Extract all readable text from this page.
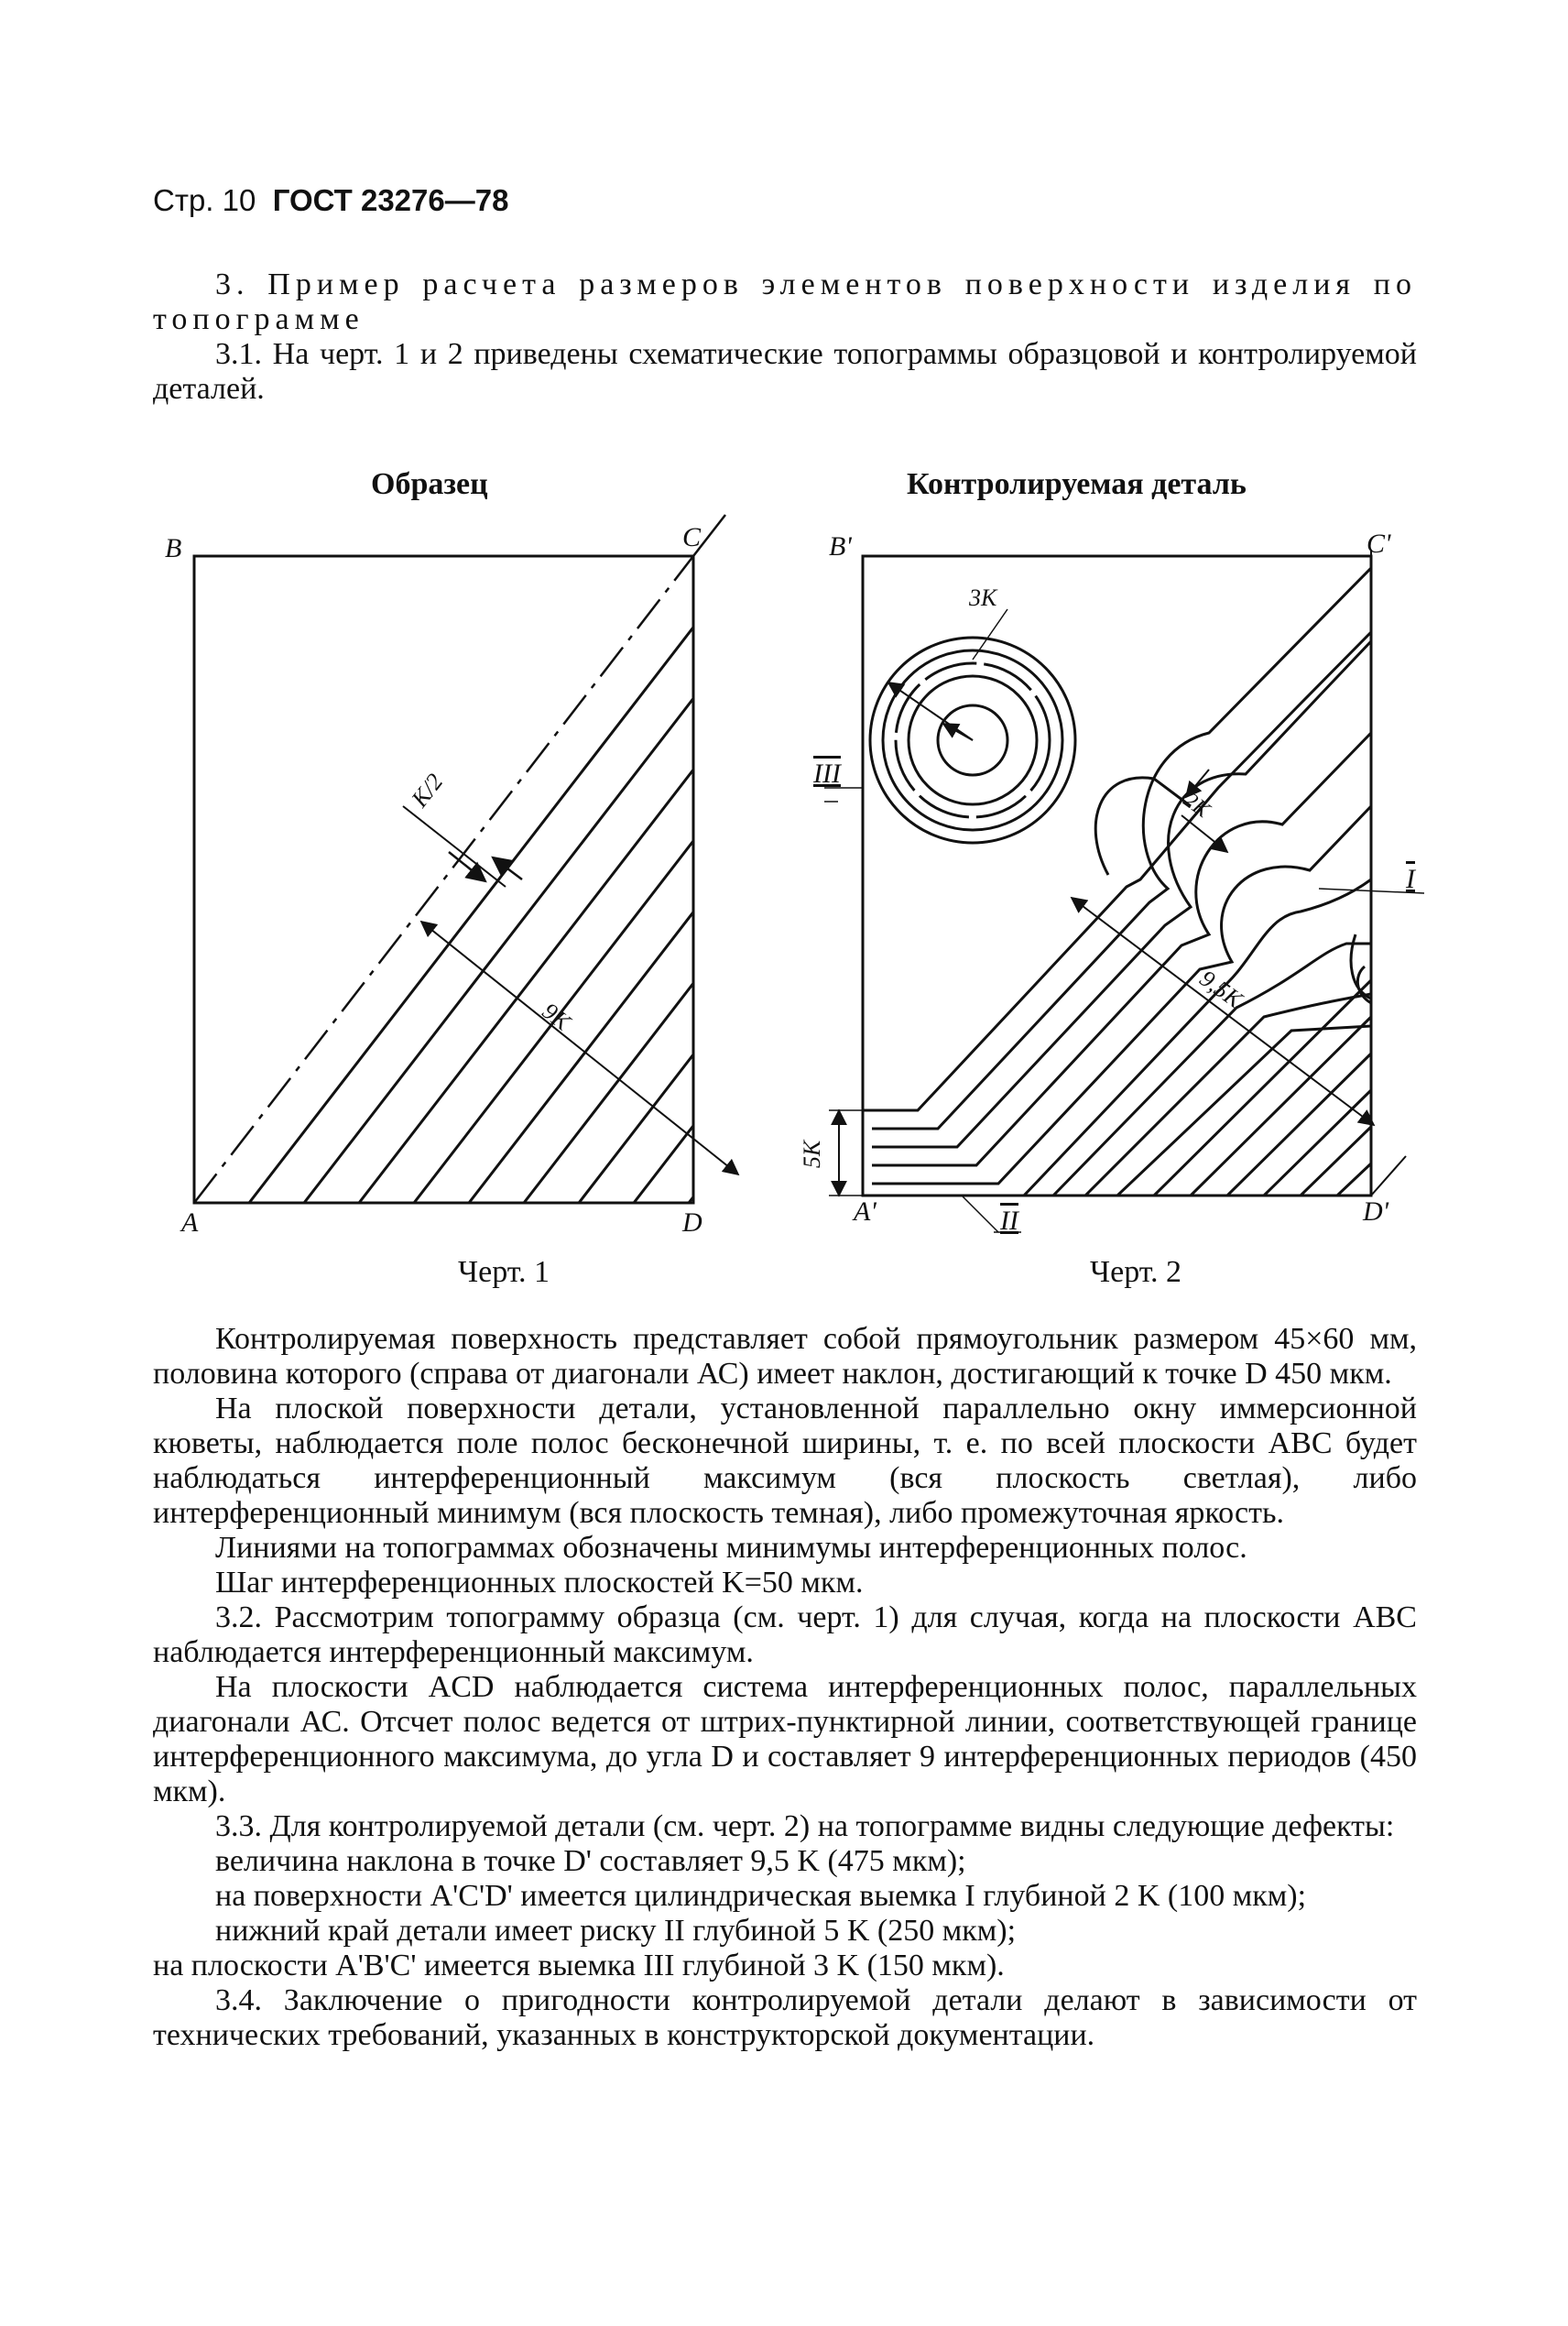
Стр. 10 ГОСТ 23276—78

3. Пример расчета размеров элементов поверхности изделия по топограмме

3.1. На черт. 1 и 2 приведены схематические топограммы образцовой и контролируемой деталей.

Образец	Контролируемая деталь
B	C
A	D
K/2
9K
Черт. 1
B'	C'
A'	D'
3K
2K
9,5K
5K
I
II
III
Черт. 2

Контролируемая поверхность представляет собой прямоугольник размером 45×60 мм, половина которого (справа от диагонали АС) имеет наклон, достигающий к точке D 450 мкм.

На плоской поверхности детали, установленной параллельно окну иммерсионной кюветы, наблюдается поле полос бесконечной ширины, т. е. по всей плоскости ABC будет наблюдаться интерференционный максимум (вся плоскость светлая), либо интерференционный минимум (вся плоскость темная), либо промежуточная яркость.

Линиями на топограммах обозначены минимумы интерференционных полос.

Шаг интерференционных плоскостей K=50 мкм.

3.2. Рассмотрим топограмму образца (см. черт. 1) для случая, когда на плоскости ABC наблюдается интерференционный максимум.

На плоскости ACD наблюдается система интерференционных полос, параллельных диагонали АС. Отсчет полос ведется от штрих-пунктирной линии, соответствующей границе интерференционного максимума, до угла D и составляет 9 интерференционных периодов (450 мкм).

3.3. Для контролируемой детали (см. черт. 2) на топограмме видны следующие дефекты:

величина наклона в точке D' составляет 9,5 K (475 мкм);

на поверхности A'C'D' имеется цилиндрическая выемка I глубиной 2 K (100 мкм);

нижний край детали имеет риску II глубиной 5 K (250 мкм);

на плоскости A'B'C' имеется выемка III глубиной 3 K (150 мкм).

3.4. Заключение о пригодности контролируемой детали делают в зависимости от технических требований, указанных в конструкторской документации.
